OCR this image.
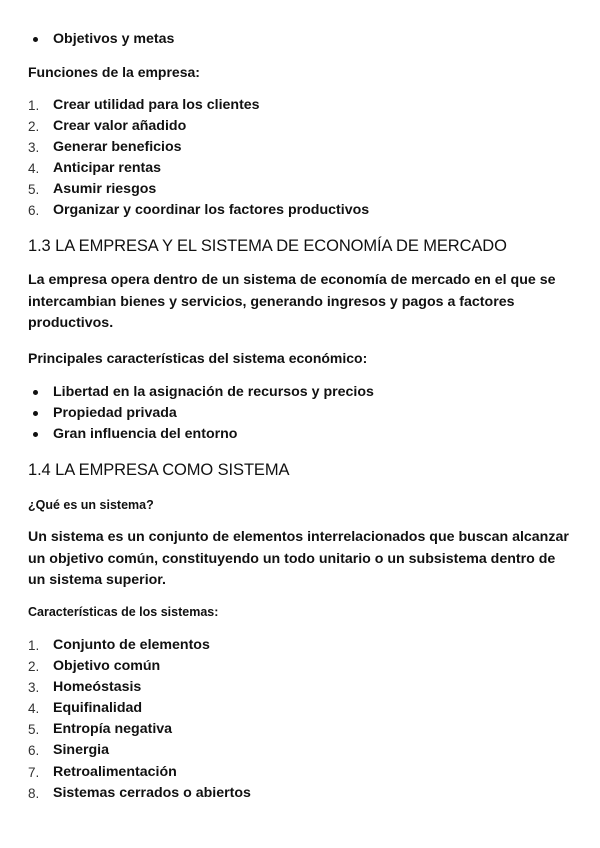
Objetivos y metas

Funciones de la empresa:

1. Crear utilidad para los clientes
2. Crear valor añadido
3. Generar beneficios
4. Anticipar rentas
5. Asumir riesgos
6. Organizar y coordinar los factores productivos
1.3 LA EMPRESA Y EL SISTEMA DE ECONOMÍA DE MERCADO

La empresa opera dentro de un sistema de economía de mercado en el que se intercambian bienes y servicios, generando ingresos y pagos a factores productivos.

Principales características del sistema económico:

Libertad en la asignación de recursos y precios
Propiedad privada
Gran influencia del entorno
1.4 LA EMPRESA COMO SISTEMA

¿Qué es un sistema?

Un sistema es un conjunto de elementos interrelacionados que buscan alcanzar un objetivo común, constituyendo un todo unitario o un subsistema dentro de un sistema superior.

Características de los sistemas:

1. Conjunto de elementos
2. Objetivo común
3. Homeóstasis
4. Equifinalidad
5. Entropía negativa
6. Sinergia
7. Retroalimentación
8. Sistemas cerrados o abiertos
